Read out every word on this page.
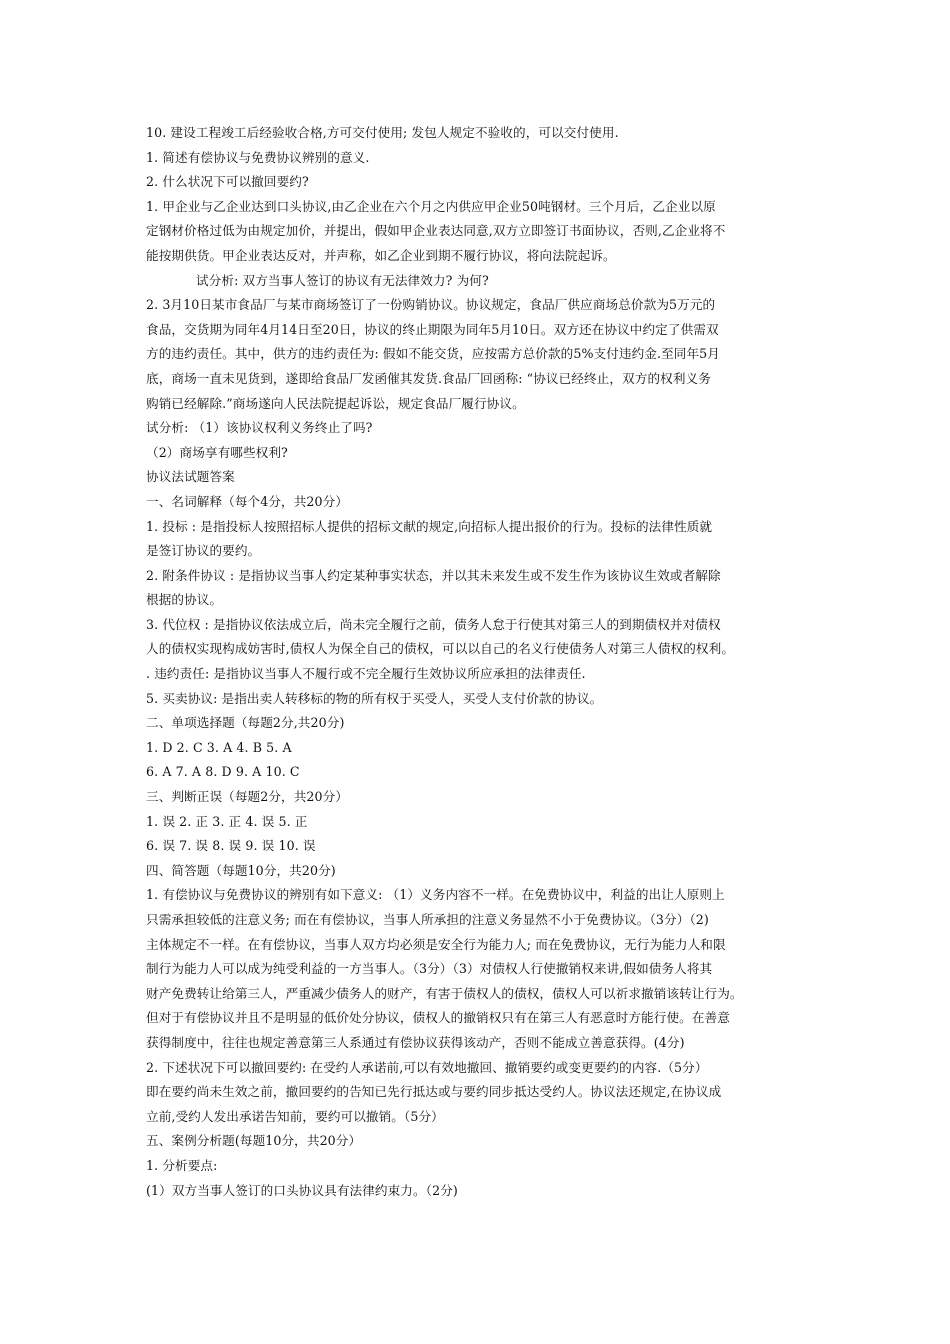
10. 建设工程竣工后经验收合格,方可交付使用; 发包人规定不验收的，可以交付使用.
1. 简述有偿协议与免费协议辨别的意义.
2. 什么状况下可以撤回要约?
1. 甲企业与乙企业达到口头协议,由乙企业在六个月之内供应甲企业50吨钢材。三个月后，乙企业以原
定钢材价格过低为由规定加价，并提出，假如甲企业表达同意,双方立即签订书面协议，否则,乙企业将不
能按期供货。甲企业表达反对，并声称，如乙企业到期不履行协议，将向法院起诉。
试分析: 双方当事人签订的协议有无法律效力? 为何?
2. 3月10日某市食品厂与某市商场签订了一份购销协议。协议规定，食品厂供应商场总价款为5万元的
食品，交货期为同年4月14日至20日，协议的终止期限为同年5月10日。双方还在协议中约定了供需双
方的违约责任。其中，供方的违约责任为: 假如不能交货，应按需方总价款的5%支付违约金.至同年5月
底，商场一直未见货到，遂即给食品厂发函催其发货.食品厂回函称: “协议已经终止，双方的权利义务
购销已经解除.”商场遂向人民法院提起诉讼，规定食品厂履行协议。
试分析: （1）该协议权利义务终止了吗?
（2）商场享有哪些权利?
协议法试题答案
一、名词解释（每个4分，共20分）
1. 投标 : 是指投标人按照招标人提供的招标文献的规定,向招标人提出报价的行为。投标的法律性质就
是签订协议的要约。
2. 附条件协议 : 是指协议当事人约定某种事实状态，并以其未来发生或不发生作为该协议生效或者解除
根据的协议。
3. 代位权 : 是指协议依法成立后，尚未完全履行之前，债务人怠于行使其对第三人的到期债权并对债权
人的债权实现构成妨害时,债权人为保全自己的债权，可以以自己的名义行使债务人对第三人债权的权利。
. 违约责任: 是指协议当事人不履行或不完全履行生效协议所应承担的法律责任.
5. 买卖协议: 是指出卖人转移标的物的所有权于买受人，买受人支付价款的协议。
二、单项选择题（每题2分,共20分)
1. D 2. C 3. A 4. B 5. A
6. A 7. A 8. D 9. A 10. C
三、判断正误（每题2分，共20分）
1. 误 2. 正 3. 正 4. 误 5. 正
6. 误 7. 误 8. 误 9. 误 10. 误
四、简答题（每题10分，共20分)
1. 有偿协议与免费协议的辨别有如下意义: （1）义务内容不一样。在免费协议中，利益的出让人原则上
只需承担较低的注意义务; 而在有偿协议，当事人所承担的注意义务显然不小于免费协议。（3分）（2)
主体规定不一样。在有偿协议，当事人双方均必须是安全行为能力人; 而在免费协议，无行为能力人和限
制行为能力人可以成为纯受利益的一方当事人。（3分）（3）对债权人行使撤销权来讲,假如债务人将其
财产免费转让给第三人，严重减少债务人的财产，有害于债权人的债权，债权人可以祈求撤销该转让行为。
但对于有偿协议并且不是明显的低价处分协议，债权人的撤销权只有在第三人有恶意时方能行使。在善意
获得制度中，往往也规定善意第三人系通过有偿协议获得该动产，否则不能成立善意获得。(4分)
2. 下述状况下可以撤回要约: 在受约人承诺前,可以有效地撤回、撤销要约或变更要约的内容.（5分）
即在要约尚未生效之前，撤回要约的告知已先行抵达或与要约同步抵达受约人。协议法还规定,在协议成
立前,受约人发出承诺告知前，要约可以撤销。（5分）
五、案例分析题(每题10分，共20分）
1. 分析要点:
(1）双方当事人签订的口头协议具有法律约束力。（2分)
